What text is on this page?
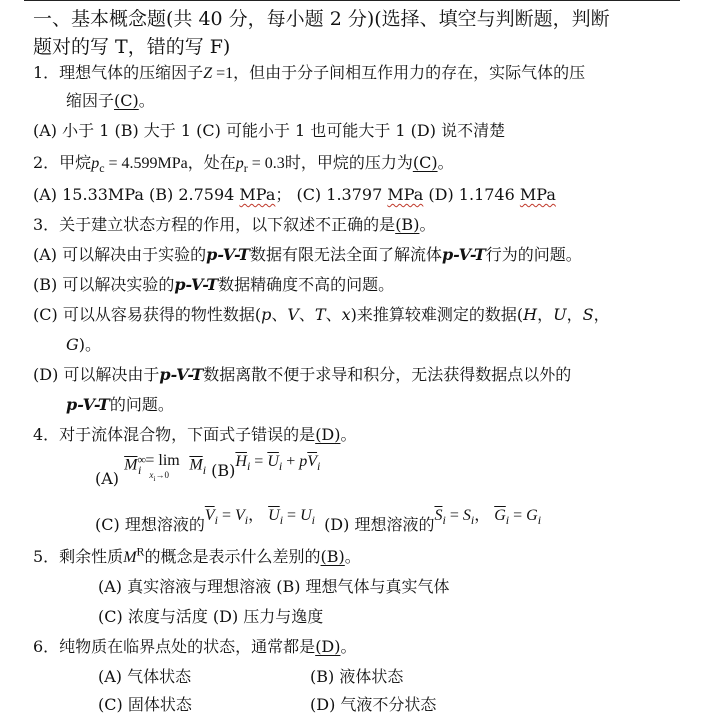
一、基本概念题(共 40 分，每小题 2 分)(选择、填空与判断题，判断
题对的写 T，错的写 F)
1．理想气体的压缩因子Z =1，但由于分子间相互作用力的存在，实际气体的压
缩因子(C)。
(A) 小于 1 (B) 大于 1 (C) 可能小于 1 也可能大于 1 (D) 说不清楚
2．甲烷$p_c = 4.599MPa$，处在$p_r = 0.3$时，甲烷的压力为(C)。
(A) 15.33MPa (B) 2.7594 MPa； (C) 1.3797 MPa (D) 1.1746 MPa
3．关于建立状态方程的作用，以下叙述不正确的是(B)。
(A) 可以解决由于实验的p-V-T数据有限无法全面了解流体p-V-T行为的问题。
(B) 可以解决实验的p-V-T数据精确度不高的问题。
(C) 可以从容易获得的物性数据(p、V、T、x)来推算较难测定的数据(H，U，S，
G)。
(D) 可以解决由于p-V-T数据离散不便于求导和积分，无法获得数据点以外的
p-V-T的问题。
4．对于流体混合物，下面式子错误的是(D)。
(A) $\overline{M}^\infty_i$
= lim
$x_i\to 0$
$\overline{M}_i$ $(B)\overline{H}_i = \overline{U}_i + p\overline{V}_i$
(C) 理想溶液的$\overline{V}_i = V_i$， $\overline{U}_i = U_i$ (D) 理想溶液的$\overline{S}_i = S_i$， $\overline{G}_i = G_i$
5．剩余性质$M^R$的概念是表示什么差别的(B)。
(A) 真实溶液与理想溶液 (B) 理想气体与真实气体
(C) 浓度与活度 (D) 压力与逸度
6．纯物质在临界点处的状态，通常都是(D)。
(A) 气体状态	(B) 液体状态
(C) 固体状态	(D) 气液不分状态
